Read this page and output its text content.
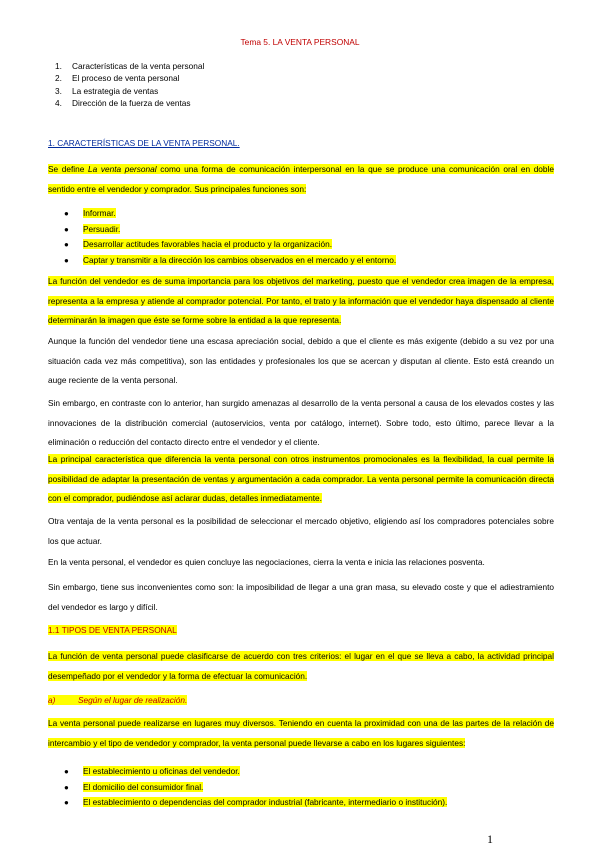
Tema 5. LA VENTA PERSONAL
1. Características de la venta personal
2. El proceso de venta personal
3. La estrategia de ventas
4. Dirección de la fuerza de ventas
1. CARACTERÍSTICAS DE LA VENTA PERSONAL.
Se define La venta personal como una forma de comunicación interpersonal en la que se produce una comunicación oral en doble sentido entre el vendedor y comprador. Sus principales funciones son:
● Informar.
● Persuadir.
● Desarrollar actitudes favorables hacia el producto y la organización.
● Captar y transmitir a la dirección los cambios observados en el mercado y el entorno.
La función del vendedor es de suma importancia para los objetivos del marketing, puesto que el vendedor crea imagen de la empresa, representa a la empresa y atiende al comprador potencial. Por tanto, el trato y la información que el vendedor haya dispensado al cliente determinarán la imagen que éste se forme sobre la entidad a la que representa.
Aunque la función del vendedor tiene una escasa apreciación social, debido a que el cliente es más exigente (debido a su vez por una situación cada vez más competitiva), son las entidades y profesionales los que se acercan y disputan al cliente. Esto está creando un auge reciente de la venta personal.
Sin embargo, en contraste con lo anterior, han surgido amenazas al desarrollo de la venta personal a causa de los elevados costes y las innovaciones de la distribución comercial (autoservicios, venta por catálogo, internet). Sobre todo, esto último, parece llevar a la eliminación o reducción del contacto directo entre el vendedor y el cliente.
La principal característica que diferencia la venta personal con otros instrumentos promocionales es la flexibilidad, la cual permite la posibilidad de adaptar la presentación de ventas y argumentación a cada comprador. La venta personal permite la comunicación directa con el comprador, pudiéndose así aclarar dudas, detalles inmediatamente.
Otra ventaja de la venta personal es la posibilidad de seleccionar el mercado objetivo, eligiendo así los compradores potenciales sobre los que actuar.
En la venta personal, el vendedor es quien concluye las negociaciones, cierra la venta e inicia las relaciones posventa.
Sin embargo, tiene sus inconvenientes como son: la imposibilidad de llegar a una gran masa, su elevado coste y que el adiestramiento del vendedor es largo y difícil.
1.1 TIPOS DE VENTA PERSONAL
La función de venta personal puede clasificarse de acuerdo con tres criterios: el lugar en el que se lleva a cabo, la actividad principal desempeñado por el vendedor y la forma de efectuar la comunicación.
a)	Según el lugar de realización.
La venta personal puede realizarse en lugares muy diversos. Teniendo en cuenta la proximidad con una de las partes de la relación de intercambio y el tipo de vendedor y comprador, la venta personal puede llevarse a cabo en los lugares siguientes:
● El establecimiento u oficinas del vendedor.
● El domicilio del consumidor final.
● El establecimiento o dependencias del comprador industrial (fabricante, intermediario o institución).
1
